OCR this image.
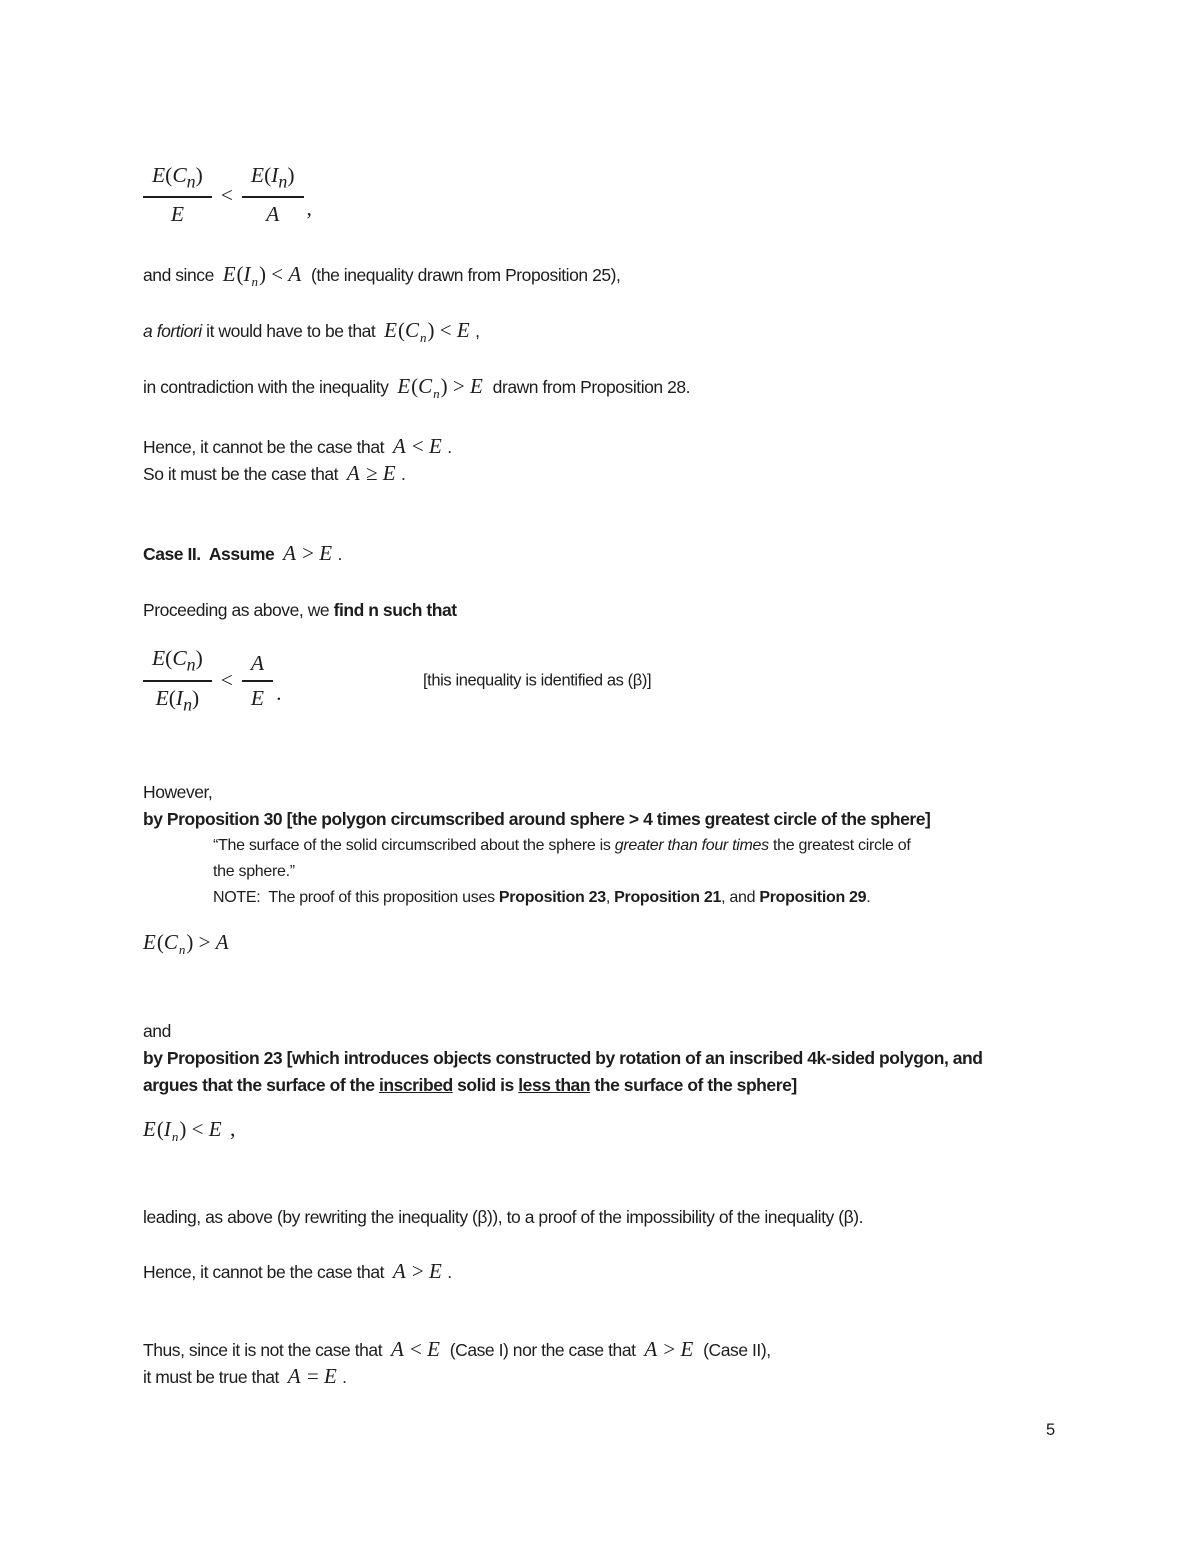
$\frac{E(C_n)}{E} < \frac{E(I_n)}{A}$ ,
and since  $E(I_n) < A$  (the inequality drawn from Proposition 25),
a fortiori it would have to be that  $E(C_n) < E$ ,
in contradiction with the inequality  $E(C_n) > E$  drawn from Proposition 28.
Hence, it cannot be the case that  A < E .
So it must be the case that  A ≥ E .
Case II.  Assume  A > E .
Proceeding as above, we find n such that
$\frac{E(C_n)}{E(I_n)} < \frac{A}{E}$ .
[this inequality is identified as (β)]
However,
by Proposition 30 [the polygon circumscribed around sphere > 4 times greatest circle of the sphere]
“The surface of the solid circumscribed about the sphere is greater than four times the greatest circle of
the sphere.”
NOTE:  The proof of this proposition uses Proposition 23, Proposition 21, and Proposition 29.
$E(C_n) > A$
and
by Proposition 23 [which introduces objects constructed by rotation of an inscribed 4k-sided polygon, and
argues that the surface of the inscribed solid is less than the surface of the sphere]
$E(I_n) < E$ ,
leading, as above (by rewriting the inequality (β)), to a proof of the impossibility of the inequality (β).
Hence, it cannot be the case that  A > E .
Thus, since it is not the case that  A < E  (Case I) nor the case that  A > E  (Case II),
it must be true that  A = E .
5
